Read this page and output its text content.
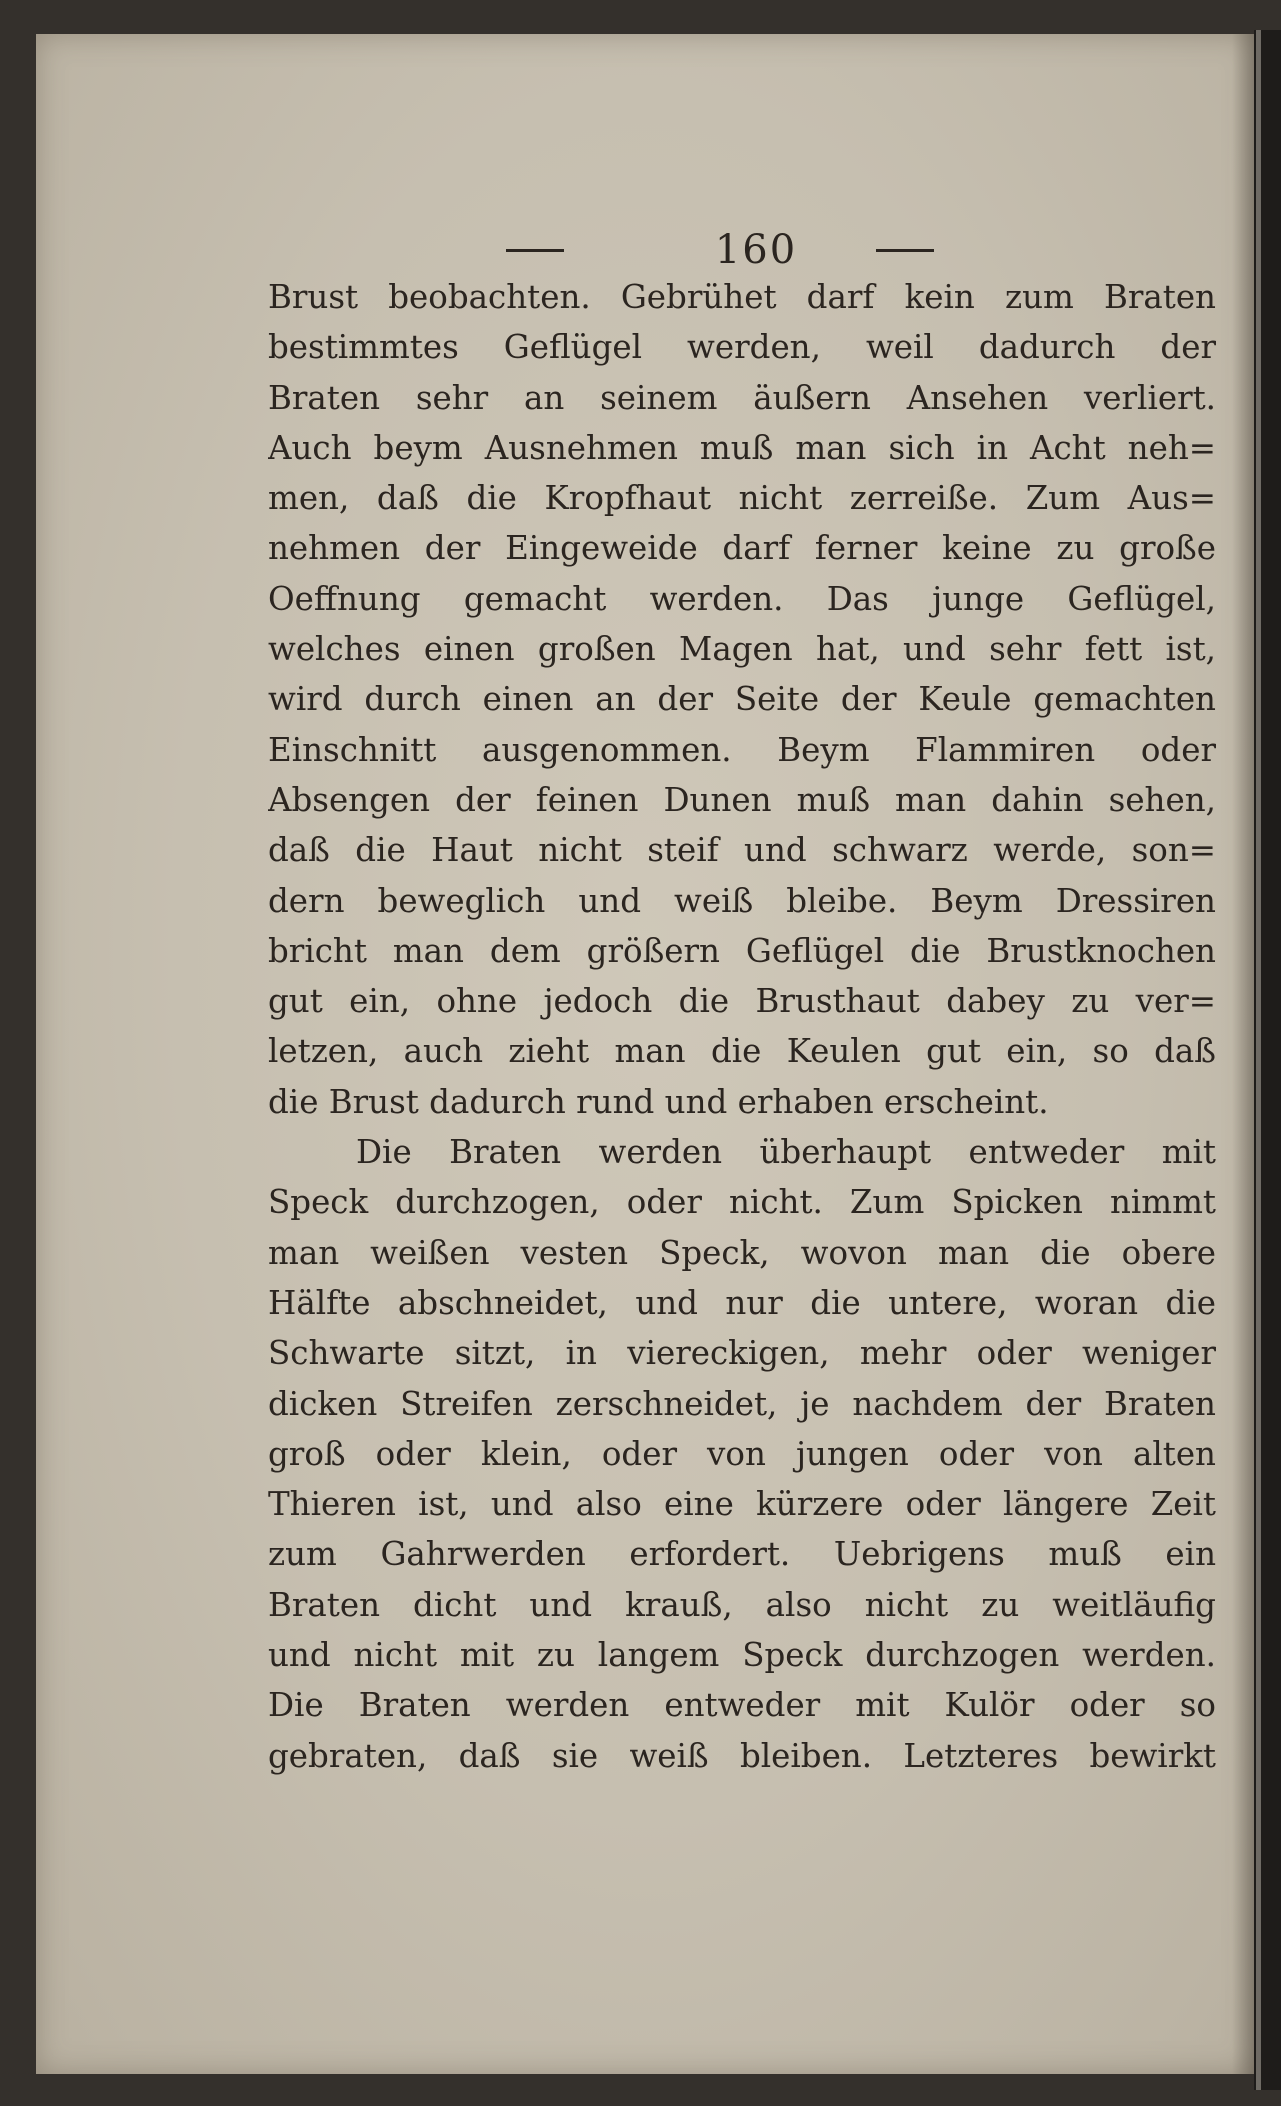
160
Brust beobachten. Gebrühet darf kein zum Braten
bestimmtes Geflügel werden, weil dadurch der
Braten sehr an seinem äußern Ansehen verliert.
Auch beym Ausnehmen muß man sich in Acht neh=
men, daß die Kropfhaut nicht zerreiße. Zum Aus=
nehmen der Eingeweide darf ferner keine zu große
Oeffnung gemacht werden. Das junge Geflügel,
welches einen großen Magen hat, und sehr fett ist,
wird durch einen an der Seite der Keule gemachten
Einschnitt ausgenommen. Beym Flammiren oder
Absengen der feinen Dunen muß man dahin sehen,
daß die Haut nicht steif und schwarz werde, son=
dern beweglich und weiß bleibe. Beym Dressiren
bricht man dem größern Geflügel die Brustknochen
gut ein, ohne jedoch die Brusthaut dabey zu ver=
letzen, auch zieht man die Keulen gut ein, so daß
die Brust dadurch rund und erhaben erscheint.
Die Braten werden überhaupt entweder mit
Speck durchzogen, oder nicht. Zum Spicken nimmt
man weißen vesten Speck, wovon man die obere
Hälfte abschneidet, und nur die untere, woran die
Schwarte sitzt, in viereckigen, mehr oder weniger
dicken Streifen zerschneidet, je nachdem der Braten
groß oder klein, oder von jungen oder von alten
Thieren ist, und also eine kürzere oder längere Zeit
zum Gahrwerden erfordert. Uebrigens muß ein
Braten dicht und krauß, also nicht zu weitläufig
und nicht mit zu langem Speck durchzogen werden.
Die Braten werden entweder mit Kulör oder so
gebraten, daß sie weiß bleiben. Letzteres bewirkt
